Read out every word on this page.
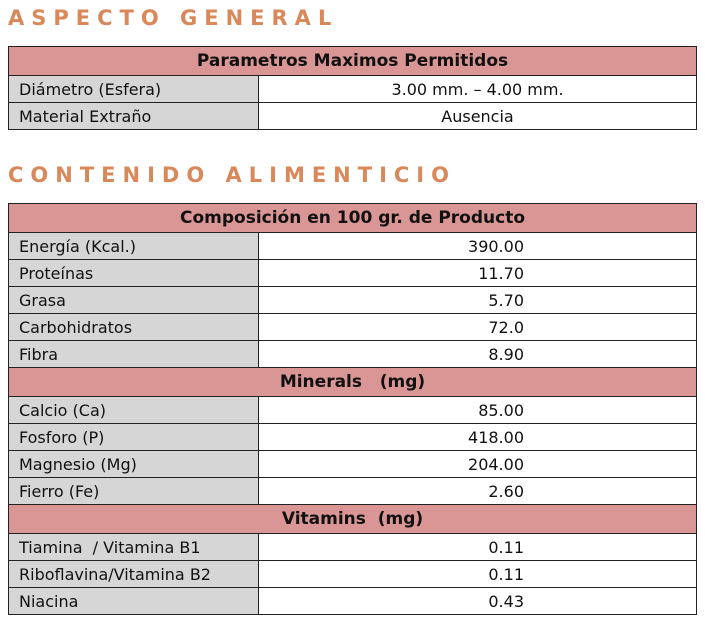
ASPECTO GENERAL
Parametros Maximos Permitidos	
Diámetro (Esfera)	3.00 mm. – 4.00 mm.
Material Extraño	Ausencia
CONTENIDO ALIMENTICIO
Composición en 100 gr. de Producto	
Energía (Kcal.)	390.00
Proteínas	11.70
Grasa	5.70
Carbohidratos	72.0
Fibra	8.90
Minerals   (mg)	
Calcio (Ca)	85.00
Fosforo (P)	418.00
Magnesio (Mg)	204.00
Fierro (Fe)	2.60
Vitamins  (mg)	
Tiamina  / Vitamina B1	0.11
Riboflavina/Vitamina B2	0.11
Niacina	0.43
